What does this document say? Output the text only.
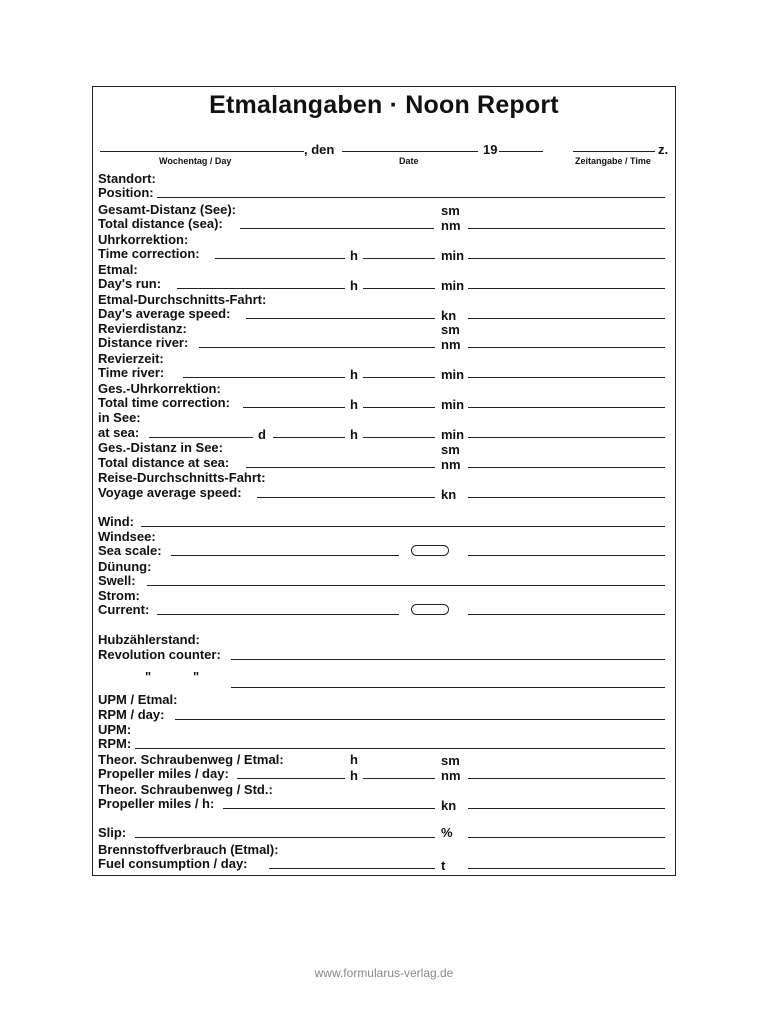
Etmalangaben · Noon Report
, den	19	z.
Wochentag / Day	Date	Zeitangabe / Time
Standort:
Position:
Gesamt-Distanz (See):	sm
Total distance (sea):	nm
Uhrkorrektion:
Time correction:	h	min
Etmal:
Day's run:	h	min
Etmal-Durchschnitts-Fahrt:
Day's average speed:	kn
Revierdistanz:	sm
Distance river:	nm
Revierzeit:
Time river:	h	min
Ges.-Uhrkorrektion:
Total time correction:	h	min
in See:
at sea:	d	h	min
Ges.-Distanz in See:	sm
Total distance at sea:	nm
Reise-Durchschnitts-Fahrt:
Voyage average speed:	kn
Wind:
Windsee:
Sea scale:
Dünung:
Swell:
Strom:
Current:
Hubzählerstand:
Revolution counter:
"	"
UPM / Etmal:
RPM / day:
UPM:
RPM:
Theor. Schraubenweg / Etmal:	h	sm
Propeller miles / day:	h	nm
Theor. Schraubenweg / Std.:
Propeller miles / h:	kn
Slip:	%
Brennstoffverbrauch (Etmal):
Fuel consumption / day:	t
www.formularus-verlag.de
